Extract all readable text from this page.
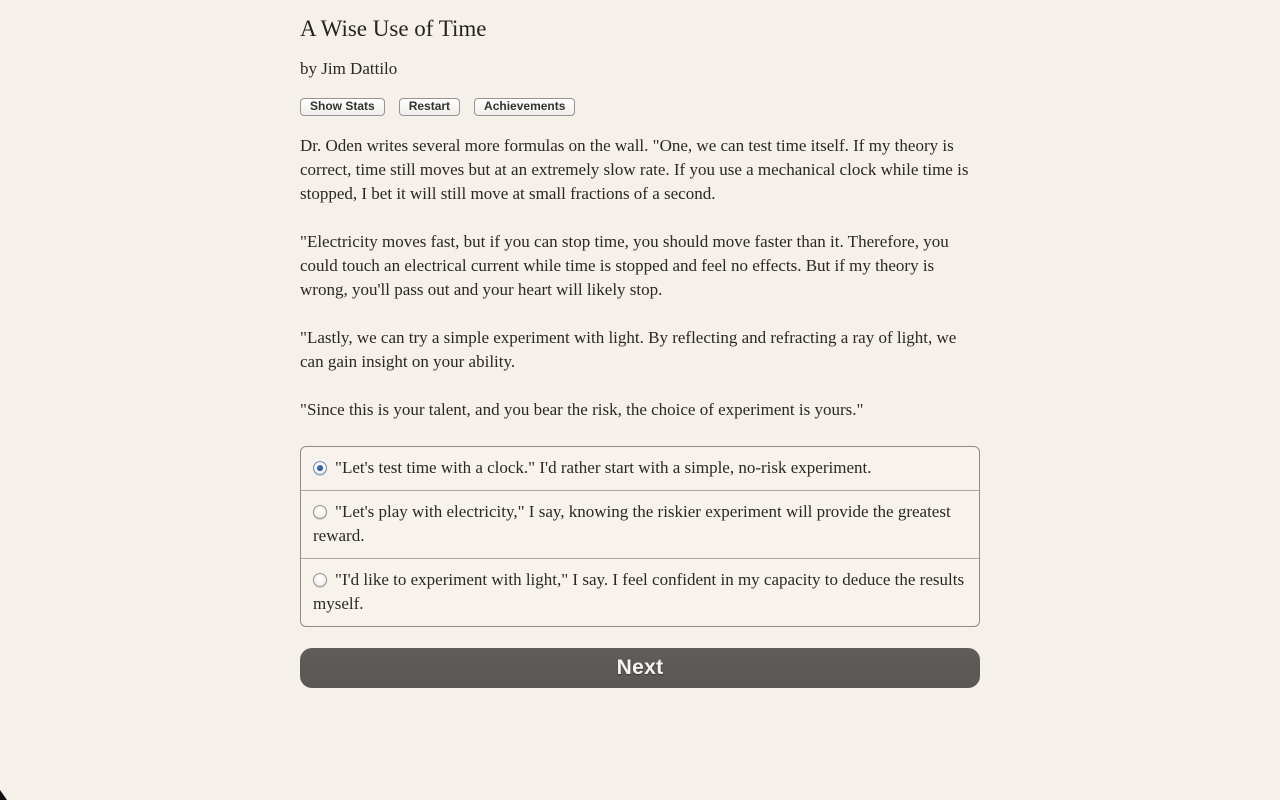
A Wise Use of Time
by Jim Dattilo
Show Stats	Restart	Achievements

Dr. Oden writes several more formulas on the wall. "One, we can test time itself. If my theory is correct, time still moves but at an extremely slow rate. If you use a mechanical clock while time is stopped, I bet it will still move at small fractions of a second.

"Electricity moves fast, but if you can stop time, you should move faster than it. Therefore, you could touch an electrical current while time is stopped and feel no effects. But if my theory is wrong, you'll pass out and your heart will likely stop.

"Lastly, we can try a simple experiment with light. By reflecting and refracting a ray of light, we can gain insight on your ability.

"Since this is your talent, and you bear the risk, the choice of experiment is yours."

"Let's test time with a clock." I'd rather start with a simple, no-risk experiment.
"Let's play with electricity," I say, knowing the riskier experiment will provide the greatest reward.
"I'd like to experiment with light," I say. I feel confident in my capacity to deduce the results myself.
Next
